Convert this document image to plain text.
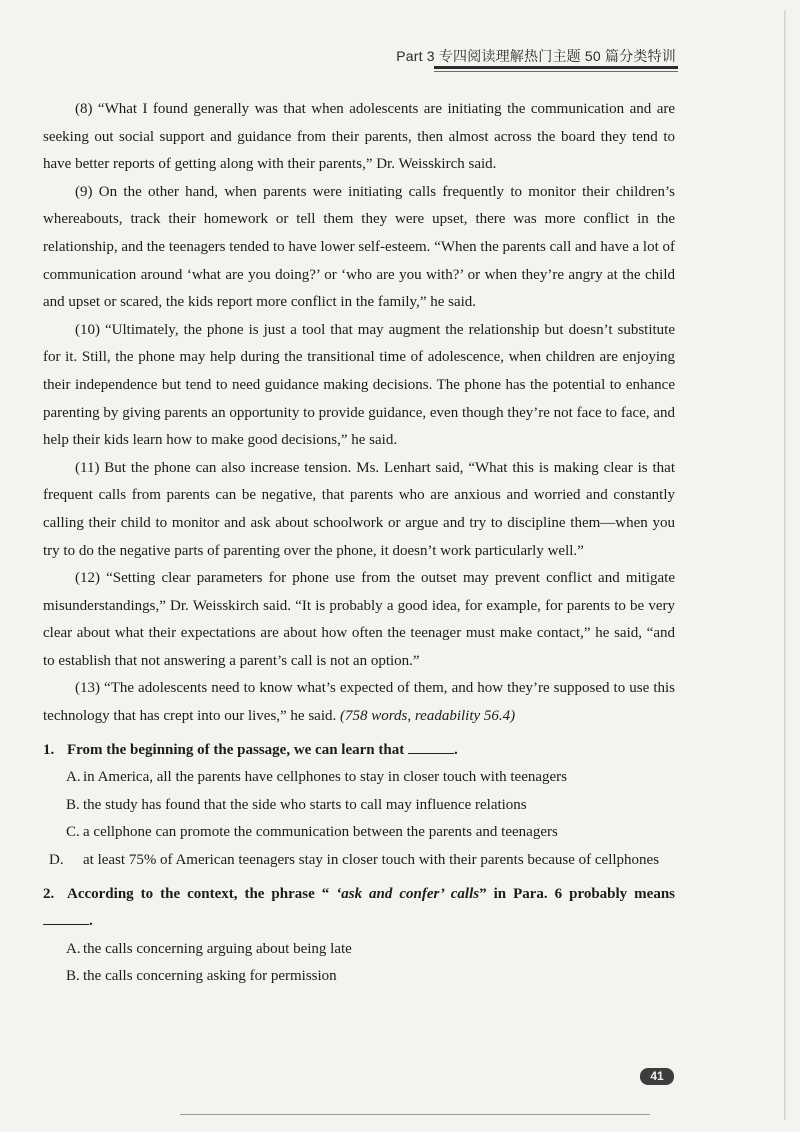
Part 3 专四阅读理解热门主题 50 篇分类特训

(8) “What I found generally was that when adolescents are initiating the communication and are seeking out social support and guidance from their parents, then almost across the board they tend to have better reports of getting along with their parents,” Dr. Weisskirch said.

(9) On the other hand, when parents were initiating calls frequently to monitor their children’s whereabouts, track their homework or tell them they were upset, there was more conflict in the relationship, and the teenagers tended to have lower self-esteem. “When the parents call and have a lot of communication around ‘what are you doing?’ or ‘who are you with?’ or when they’re angry at the child and upset or scared, the kids report more conflict in the family,” he said.

(10) “Ultimately, the phone is just a tool that may augment the relationship but doesn’t substitute for it. Still, the phone may help during the transitional time of adolescence, when children are enjoying their independence but tend to need guidance making decisions. The phone has the potential to enhance parenting by giving parents an opportunity to provide guidance, even though they’re not face to face, and help their kids learn how to make good decisions,” he said.

(11) But the phone can also increase tension. Ms. Lenhart said, “What this is making clear is that frequent calls from parents can be negative, that parents who are anxious and worried and constantly calling their child to monitor and ask about schoolwork or argue and try to discipline them—when you try to do the negative parts of parenting over the phone, it doesn’t work particularly well.”

(12) “Setting clear parameters for phone use from the outset may prevent conflict and mitigate misunderstandings,” Dr. Weisskirch said. “It is probably a good idea, for example, for parents to be very clear about what their expectations are about how often the teenager must make contact,” he said, “and to establish that not answering a parent’s call is not an option.”

(13) “The adolescents need to know what’s expected of them, and how they’re supposed to use this technology that has crept into our lives,” he said. (758 words, readability 56.4)

1. From the beginning of the passage, we can learn that	.

A. in America, all the parents have cellphones to stay in closer touch with teenagers

B. the study has found that the side who starts to call may influence relations

C. a cellphone can promote the communication between the parents and teenagers

D. at least 75% of American teenagers stay in closer touch with their parents because of cellphones

2. According to the context, the phrase “ ‘ask and confer’ calls” in Para. 6 probably means .

A. the calls concerning arguing about being late

B. the calls concerning asking for permission

41
